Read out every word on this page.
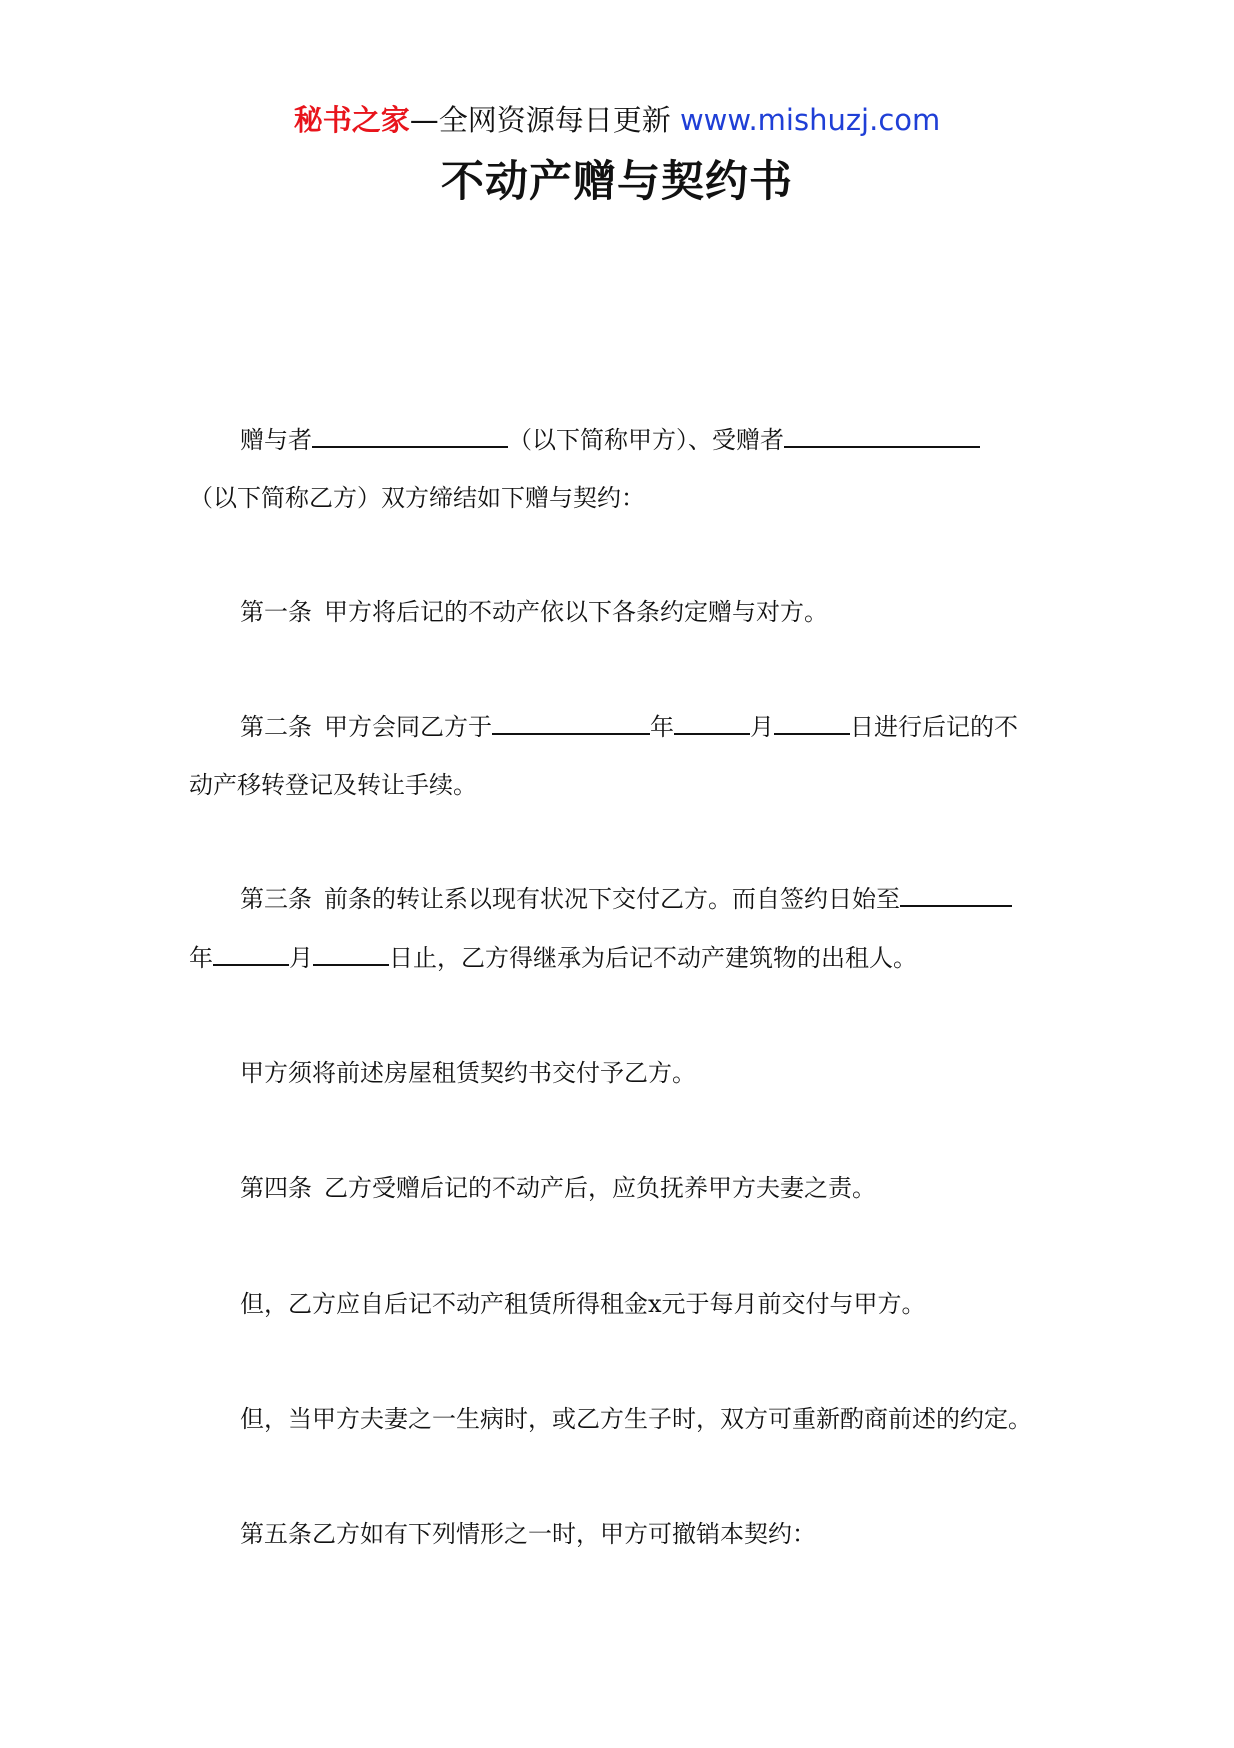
秘书之家—全网资源每日更新 www.mishuzj.com
不动产赠与契约书
赠与者	（以下简称甲方）、受赠者
（以下简称乙方）双方缔结如下赠与契约：
第一条 甲方将后记的不动产依以下各条约定赠与对方。
第二条 甲方会同乙方于	年	月	日进行后记的不
动产移转登记及转让手续。
第三条 前条的转让系以现有状况下交付乙方。而自签约日始至
年	月	日止，乙方得继承为后记不动产建筑物的出租人。
甲方须将前述房屋租赁契约书交付予乙方。
第四条 乙方受赠后记的不动产后，应负抚养甲方夫妻之责。
但，乙方应自后记不动产租赁所得租金x元于每月前交付与甲方。
但，当甲方夫妻之一生病时，或乙方生子时，双方可重新酌商前述的约定。
第五条乙方如有下列情形之一时，甲方可撤销本契约：
